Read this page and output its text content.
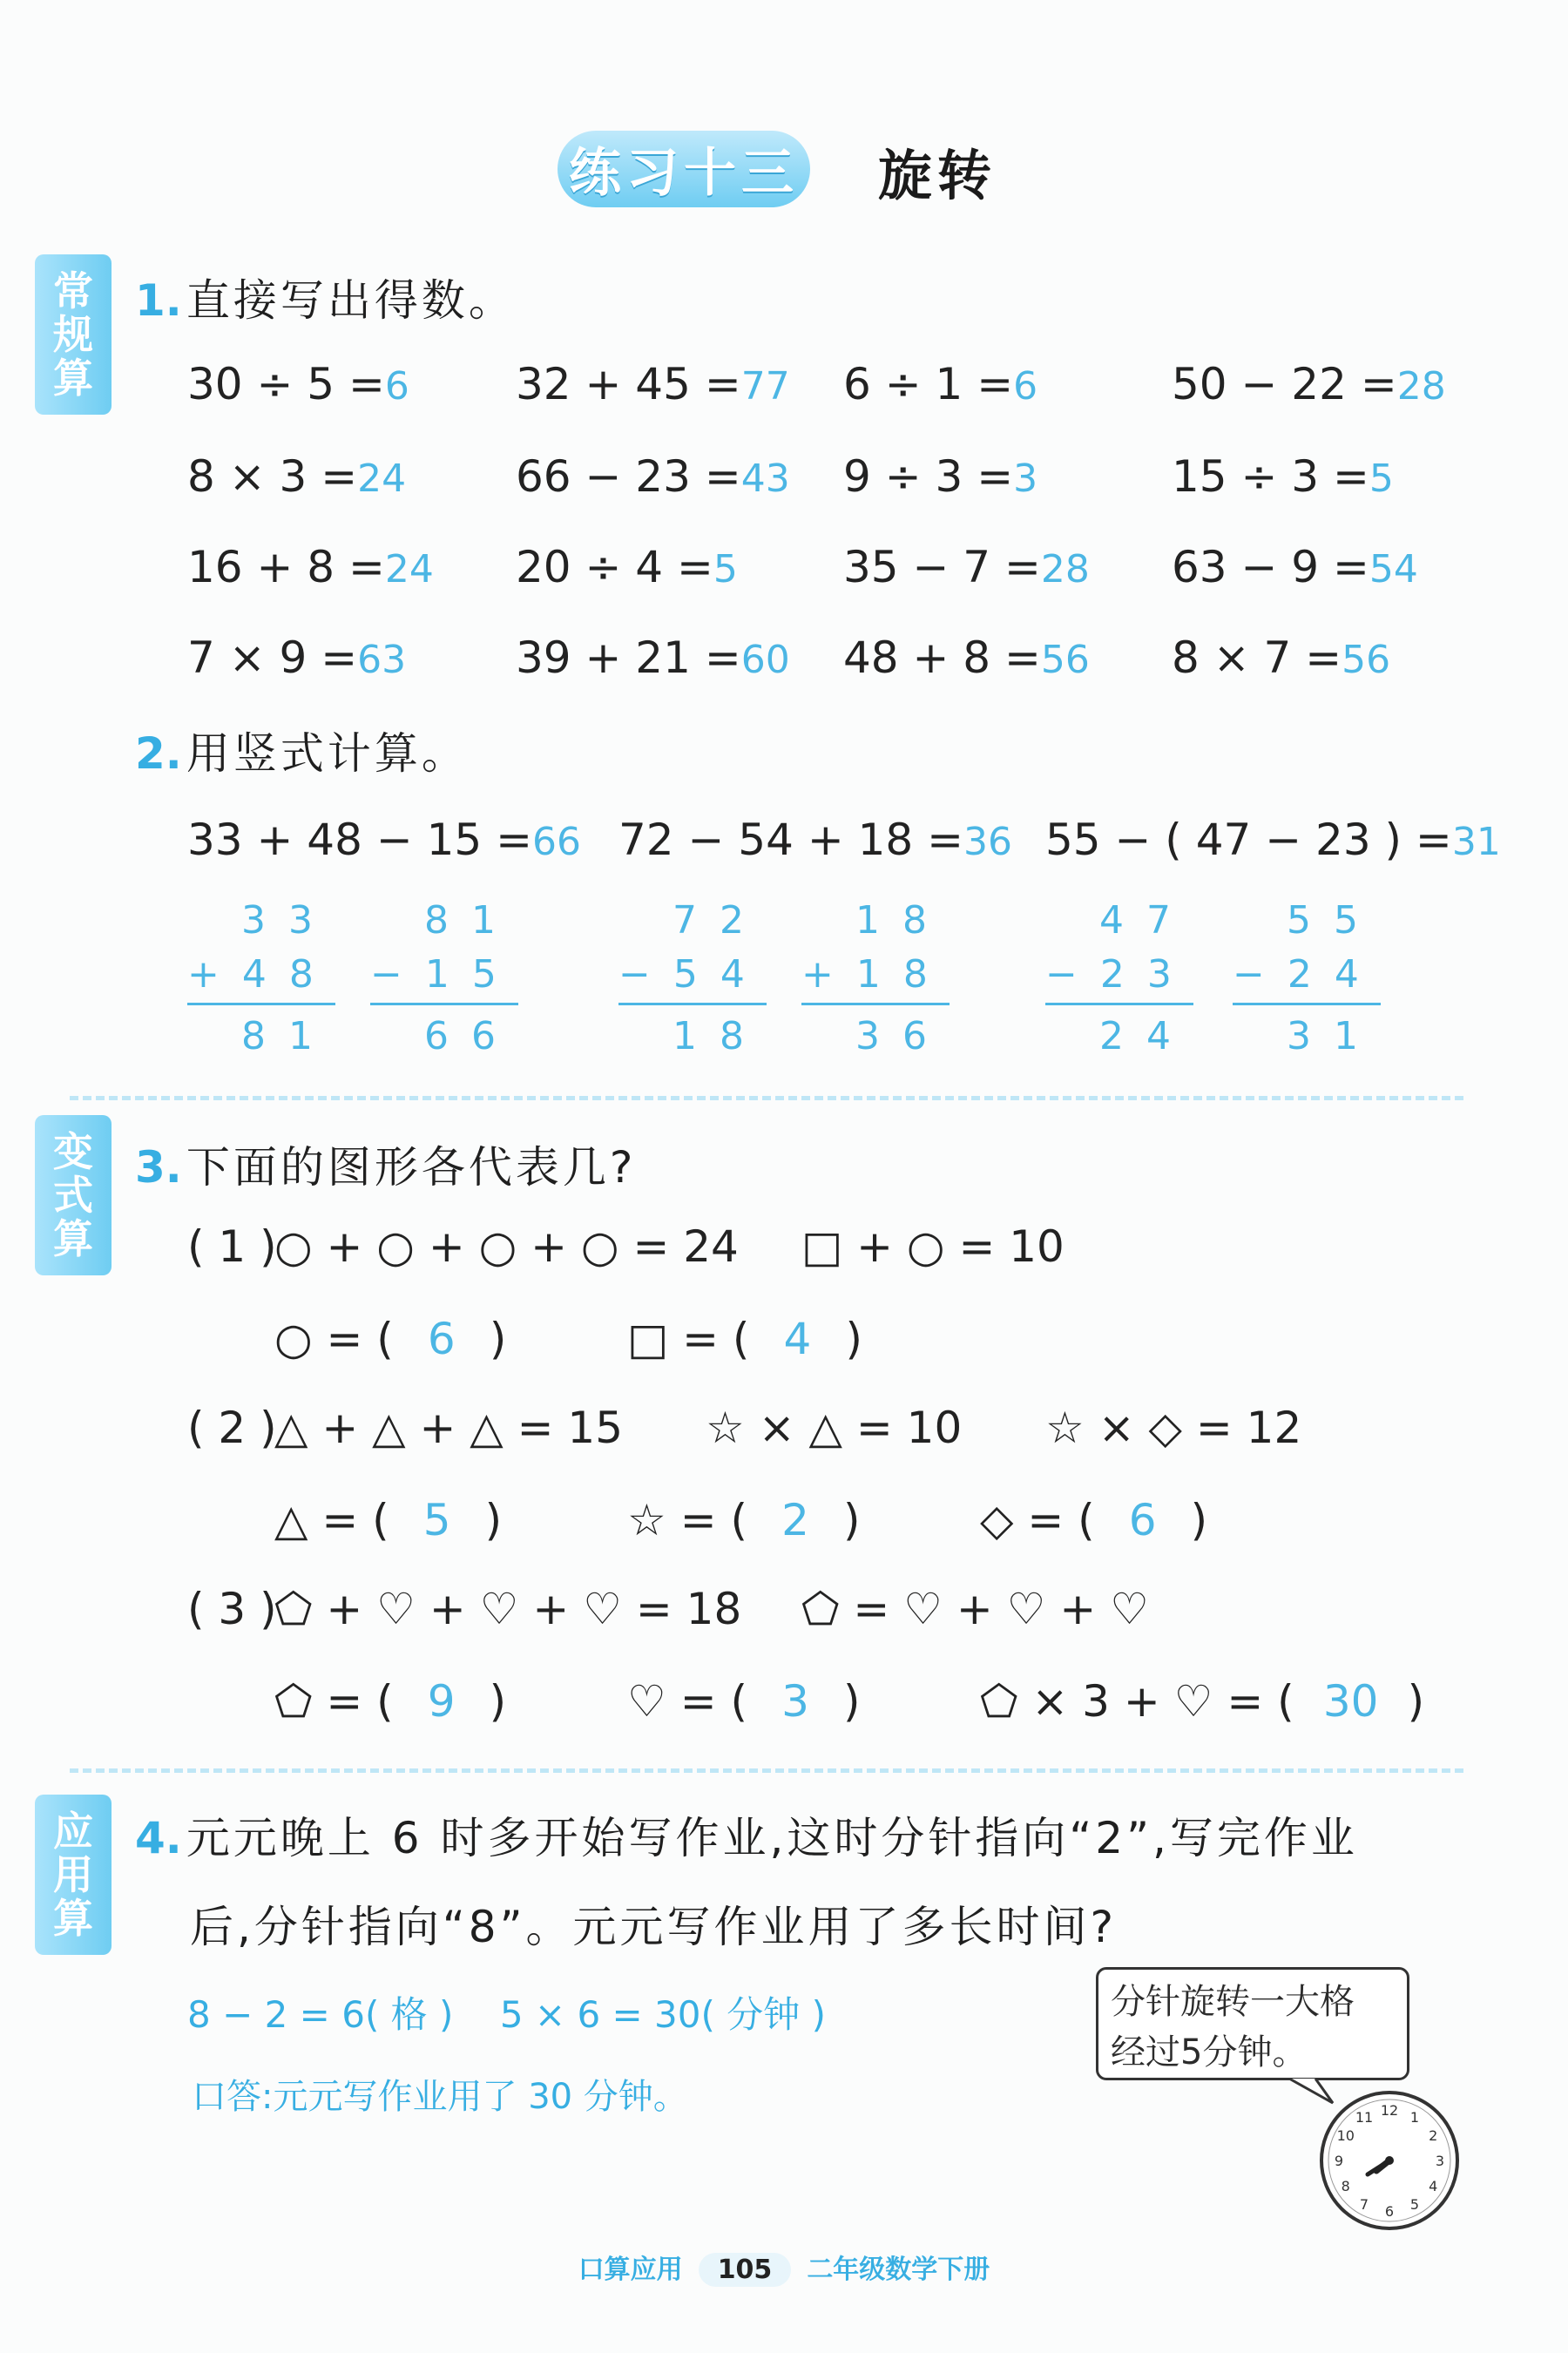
练习十三 旋转
常
规
算
变
式
算
应
用
算
1. 直接写出得数。
30 ÷ 5 =6 32 + 45 =77 6 ÷ 1 =6	50 − 22 =28
8 × 3 =24	66 − 23 =43 9 ÷ 3 =3	15 ÷ 3 =5
16 + 8 =24 20 ÷ 4 =5 35 − 7 =28 63 − 9 =54
7 × 9 =63	39 + 21 =60 48 + 8 =56 8 × 7 =56
2. 用竖式计算。
33 + 48 − 15 =66 72 − 54 + 18 =36 55 − ( 47 − 23 ) =31
33
+ 48
81
81
− 15
66
72
− 54
18
18
+ 18
36
47
− 23
24
55
− 24
31
3. 下面的图形各代表几?
( 1 )
○ + ○ + ○ + ○ = 24 □ + ○ = 10
○ = ( 6 )	□ = ( 4 )
( 2 )
△ + △ + △ = 15 ☆ × △ = 10 ☆ × ◇ = 12
△ = ( 5 )	☆ = ( 2 )	◇ = ( 6 )
( 3 )
⬠ + ♡ + ♡ + ♡ = 18 ⬠ = ♡ + ♡ + ♡
⬠ = ( 9 )	♡ = ( 3 )	⬠ × 3 + ♡ = ( 30 )
4. 元元晚上 6 时多开始写作业,这时分针指向“2”,写完作业
后,分针指向“8”。元元写作业用了多长时间?
8 − 2 = 6( 格 )    5 × 6 = 30( 分钟 )
口答:元元写作业用了 30 分钟。
分针旋转一大格
经过5分钟。
12 1
2
3
4
5
6
7
8
9
10
11
口算应用 105 二年级数学下册
